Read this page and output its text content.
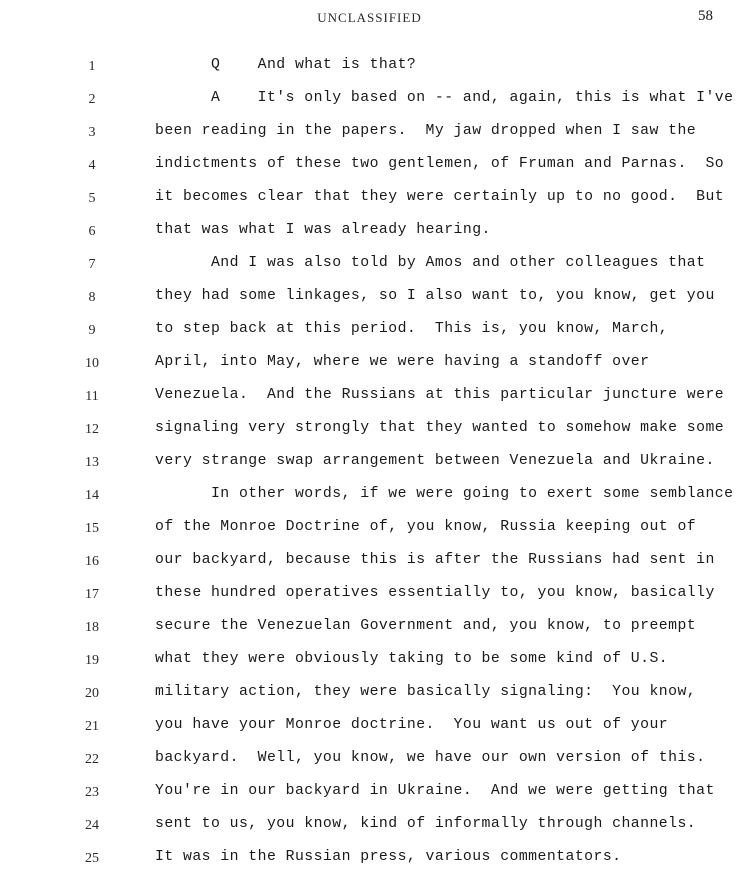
UNCLASSIFIED	58
1	Q    And what is that?
2	A    It's only based on -- and, again, this is what I've
3	been reading in the papers.  My jaw dropped when I saw the
4	indictments of these two gentlemen, of Fruman and Parnas.  So
5	it becomes clear that they were certainly up to no good.  But
6	that was what I was already hearing.
7	And I was also told by Amos and other colleagues that
8	they had some linkages, so I also want to, you know, get you
9	to step back at this period.  This is, you know, March,
10	April, into May, where we were having a standoff over
11	Venezuela.  And the Russians at this particular juncture were
12	signaling very strongly that they wanted to somehow make some
13	very strange swap arrangement between Venezuela and Ukraine.
14	In other words, if we were going to exert some semblance
15	of the Monroe Doctrine of, you know, Russia keeping out of
16	our backyard, because this is after the Russians had sent in
17	these hundred operatives essentially to, you know, basically
18	secure the Venezuelan Government and, you know, to preempt
19	what they were obviously taking to be some kind of U.S.
20	military action, they were basically signaling:  You know,
21	you have your Monroe doctrine.  You want us out of your
22	backyard.  Well, you know, we have our own version of this.
23	You're in our backyard in Ukraine.  And we were getting that
24	sent to us, you know, kind of informally through channels.
25	It was in the Russian press, various commentators.
